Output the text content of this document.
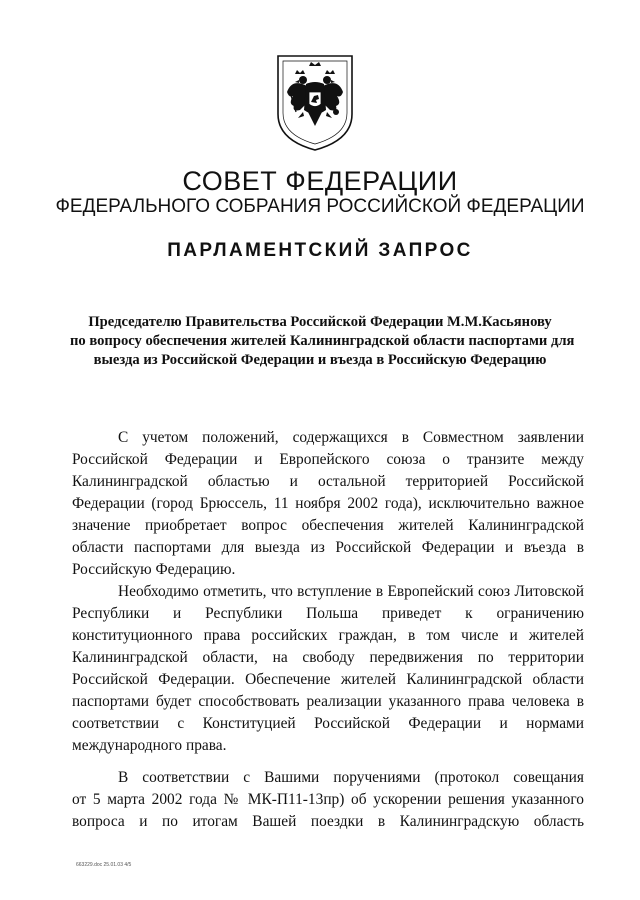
СОВЕТ ФЕДЕРАЦИИ
ФЕДЕРАЛЬНОГО СОБРАНИЯ РОССИЙСКОЙ ФЕДЕРАЦИИ
ПАРЛАМЕНТСКИЙ ЗАПРОС
Председателю Правительства Российской Федерации М.М.Касьянову
по вопросу обеспечения жителей Калининградской области паспортами для
выезда из Российской Федерации и въезда в Российскую Федерацию
С учетом положений, содержащихся в Совместном заявлении
Российской Федерации и Европейского союза о транзите между
Калининградской областью и остальной территорией Российской
Федерации (город Брюссель, 11 ноября 2002 года), исключительно важное
значение приобретает вопрос обеспечения жителей Калининградской
области паспортами для выезда из Российской Федерации и въезда в
Российскую Федерацию.
Необходимо отметить, что вступление в Европейский союз Литовской
Республики и Республики Польша приведет к ограничению
конституционного права российских граждан, в том числе и жителей
Калининградской области, на свободу передвижения по территории
Российской Федерации. Обеспечение жителей Калининградской области
паспортами будет способствовать реализации указанного права человека в
соответствии с Конституцией Российской Федерации и нормами
международного права.
В соответствии с Вашими поручениями (протокол совещания
от 5 марта 2002 года № МК-П11-13пр) об ускорении решения указанного
вопроса и по итогам Вашей поездки в Калининградскую область
663229.doc 25.01.03 4/5
